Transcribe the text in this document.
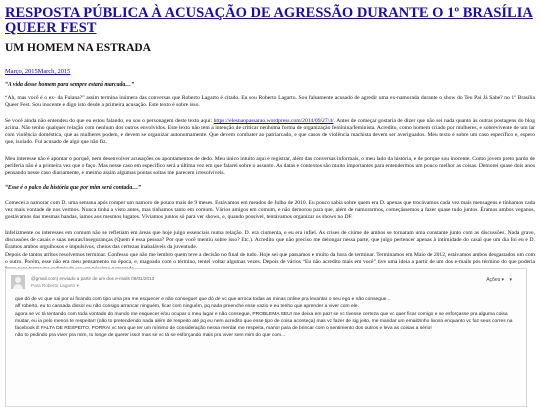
RESPOSTA PÚBLICA À ACUSAÇÃO DE AGRESSÃO DURANTE O 1º BRASÍLIA QUEER FEST
UM HOMEM NA ESTRADA
Março, 2015March, 2015
“A vida desse homem para sempre estará marcada…”

“Ah, mas você é o ex- da Fulana?” assim termina inúmera das conversas que Roberto Lagarto é citado. Eu sou Roberto Lagarto. Sou falsamente acusado de agredir uma ex-namorada durante o show do Teu Pai Já Sabe? no 1º Brasília Queer Fest. Sou inocente e digo isto desde a primeira acusação. Este texto é sobre isso.

Se você ainda não entendeu do que eu estou falando, eu sou o personagem deste texto aqui: https://elesnaopassarao.wordpress.com/2014/09/27/4/. Antes de começar gostaria de dizer que não sei nada quanto às outras postagens do blog acima. Não tenho qualquer relação com nenhum dos outros envolvidos. Este texto não tem a intenção de criticar nenhuma forma de organização feminina/feminista. Acredito, como homem criado por mulheres, e sobrevivente de um lar com violência doméstica, que as mulheres podem, e devem se organizar autonomamente. Que devem combater ao patriarcado, e que casos de violência machista devem ser averiguados. Meu texto é sobre um caso específico e, espero que, isolado. Fui acusado de algo que não fiz.

Meu interesse não é apontar o porquê, nem desenvolver acusações ou apontamentos de dedo. Meu único intuito aqui é registrar, além das conversas informais, o meu lado da história, e de porque sou inocente. Como jovem preto pardo de periferia não é a primeira vez que o faço. Mas nesse caso em específico será a última vez em que falarei sobre o assunto. As datas e contextos são muito importantes para entendermos um pouco melhor as coisas. Demorei quase dois anos pensando nesse caso diariamente, e mesmo assim algumas pontas soltas me parecem irresolvíveis.

“Esse é o palco da história que por mim será contada…”

Comecei a namorar com D. uma semana após romper um namoro de pouco mais de 9 meses. Estávamos em meados de Julho de 2010. Eu pouco sabia sobre quem era D. apenas que trocávamos cada vez mais mensagens e tínhamos cada vez mais vontade de nos vermos. Nunca tinha a visto antes, mas tínhamos tanto em comum. Vários amigos em comum, e não demorou para que, além de namorarmos, começássemos a fazer quase tudo juntos. Éramos ambos veganos, gostávamos das mesmas bandas, íamos aos mesmos lugares. Vivíamos juntos só para ver shows, e, quando possível, tentávamos organizar os shows no DF.

Infelizmente os interesses em comum não se refletiam em áreas que hoje julgo essenciais numa relação. D. era ciumenta, e eu era infiel. As crises de ciúme de ambos se tornaram uma constante junto com as discussões. Nada grave, discussões de casais e suas neuras/inseguranças (Quem é essa pessoa? Por que você mentiu sobre isso? Etc.). Acredito que não preciso me delongar nessa parte, que julgo pertencer apenas à intimidade do casal que um dia foi eu e D. Éramos ambos orgulhosos e impulsivos, cheios das certezas inabaláveis da juventude.

Depois de tantos atritos resolvemos terminar. Confesso que não me lembro quem teve a decisão no final de tudo. Hoje sei que passamos e muito da hora de terminar. Terminamos em Maio de 2012, estávamos ambos desgastados um com o outro. Porém, esse não era meu pensamento no época, e, magoado com o término, tentei voltar algumas vezes. Depois de vários “Eu não acredito mais em você” tive uma ideia a partir de um dos e-mails pós término do que poderia

@gmail.com) enviado a partir de um dos e-mails 08/01/2013
Para Roberto Lagarto ▾
Ações ▾ ▾

que dó de vc que sai por aí ficando com tipo uma pra me esquecer e não consegue! que dó de vc que arroca todas as minas online pra levantar o seu ego e não consegue...
aff roberto, eu to cansada disso! eu não consigo arrancar ninguém, ficar com ninguém, pq nada preenche esse vazio e eu tenho que aprender a viver com ele.
agora se vc tá tentando com toda vontade do mundo me esquecer e/ou ocupar o meu lugar e não consegue, PROBLEMA SEU! me deixa em paz! se vc tivesse certeza que vc quer ficar comigo e se esforçasse pra alguma coisa mudar, eu ia pelo menos te respeitar! (não to pretendendo nada além de respeito até pq eu nem acredito que esse tipo de coisa aconteça) mas vc fazer de sig jeito, me mandar um emailzinho lixoso enquanto vc faz seus corres na facebook É FALTA DE RESPEITO, PORRA! vc tem que ter um mínimo de consideração nessa merda! me respeita, mano! para de brincar com o sentimento dos outros e leva as coisas a sério!
não to pedindo pra viver pra mim, to longe de querer isso! mas se vc tá se esforçando mais pra viver sem mim do que com...
